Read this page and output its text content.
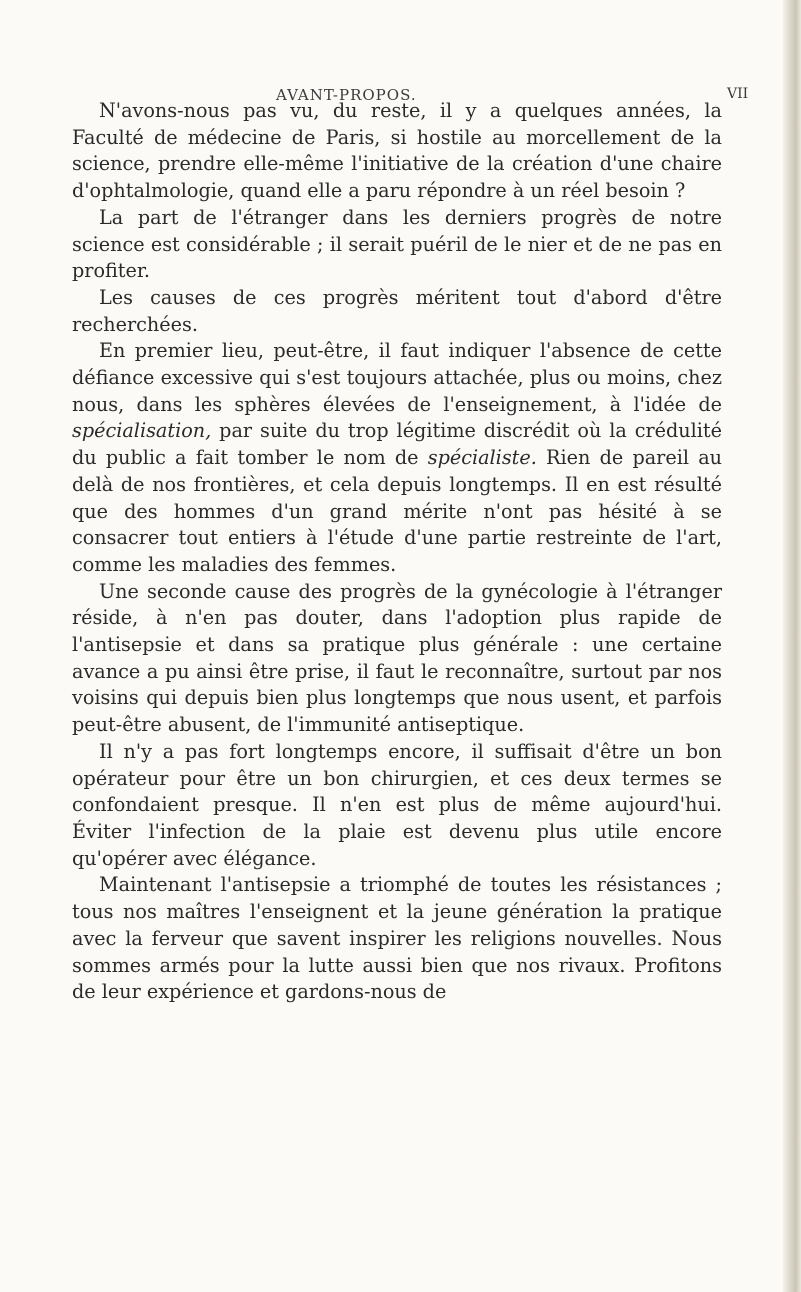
AVANT-PROPOS.	VII

N'avons-nous pas vu, du reste, il y a quelques années, la Faculté de médecine de Paris, si hostile au morcellement de la science, prendre elle-même l'initiative de la création d'une chaire d'ophtalmologie, quand elle a paru répondre à un réel besoin ?

La part de l'étranger dans les derniers progrès de notre science est considérable ; il serait puéril de le nier et de ne pas en profiter.

Les causes de ces progrès méritent tout d'abord d'être recherchées.

En premier lieu, peut-être, il faut indiquer l'absence de cette défiance excessive qui s'est toujours attachée, plus ou moins, chez nous, dans les sphères élevées de l'enseignement, à l'idée de spécialisation, par suite du trop légitime discrédit où la crédulité du public a fait tomber le nom de spécialiste. Rien de pareil au delà de nos frontières, et cela depuis longtemps. Il en est résulté que des hommes d'un grand mérite n'ont pas hésité à se consacrer tout entiers à l'étude d'une partie restreinte de l'art, comme les maladies des femmes.

Une seconde cause des progrès de la gynécologie à l'étranger réside, à n'en pas douter, dans l'adoption plus rapide de l'antisepsie et dans sa pratique plus générale : une certaine avance a pu ainsi être prise, il faut le reconnaître, surtout par nos voisins qui depuis bien plus longtemps que nous usent, et parfois peut-être abusent, de l'immunité antiseptique.

Il n'y a pas fort longtemps encore, il suffisait d'être un bon opérateur pour être un bon chirurgien, et ces deux termes se confondaient presque. Il n'en est plus de même aujourd'hui. Éviter l'infection de la plaie est devenu plus utile encore qu'opérer avec élégance.

Maintenant l'antisepsie a triomphé de toutes les résistances ; tous nos maîtres l'enseignent et la jeune génération la pratique avec la ferveur que savent inspirer les religions nouvelles. Nous sommes armés pour la lutte aussi bien que nos rivaux. Profitons de leur expérience et gardons-nous de
